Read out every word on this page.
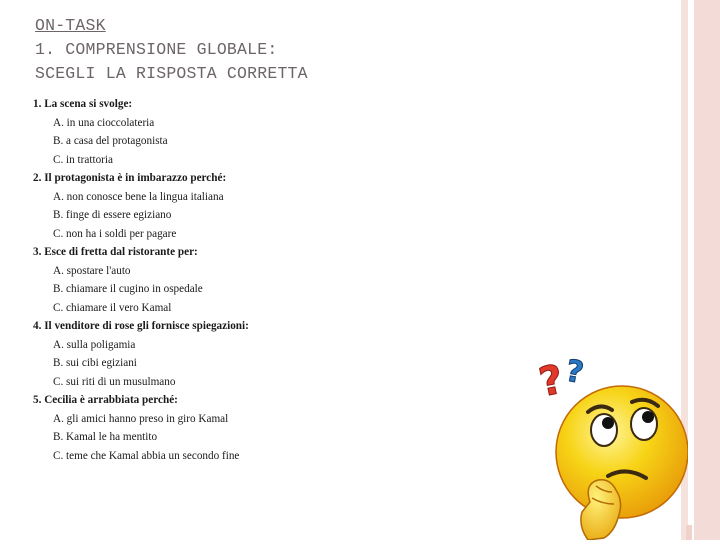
ON-TASK
1. COMPRENSIONE GLOBALE:
SCEGLI LA RISPOSTA CORRETTA
1. La scena si svolge:
A. in una cioccolateria
B. a casa del protagonista
C. in trattoria
2. Il protagonista è in imbarazzo perché:
A. non conosce bene la lingua italiana
B. finge di essere egiziano
C. non ha i soldi per pagare
3. Esce di fretta dal ristorante per:
A. spostare l'auto
B. chiamare il cugino in ospedale
C. chiamare il vero Kamal
4. Il venditore di rose gli fornisce spiegazioni:
A. sulla poligamia
B. sui cibi egiziani
C. sui riti di un musulmano
5. Cecilia è arrabbiata perché:
A. gli amici hanno preso in giro Kamal
B. Kamal le ha mentito
C. teme che Kamal abbia un secondo fine
?
?
